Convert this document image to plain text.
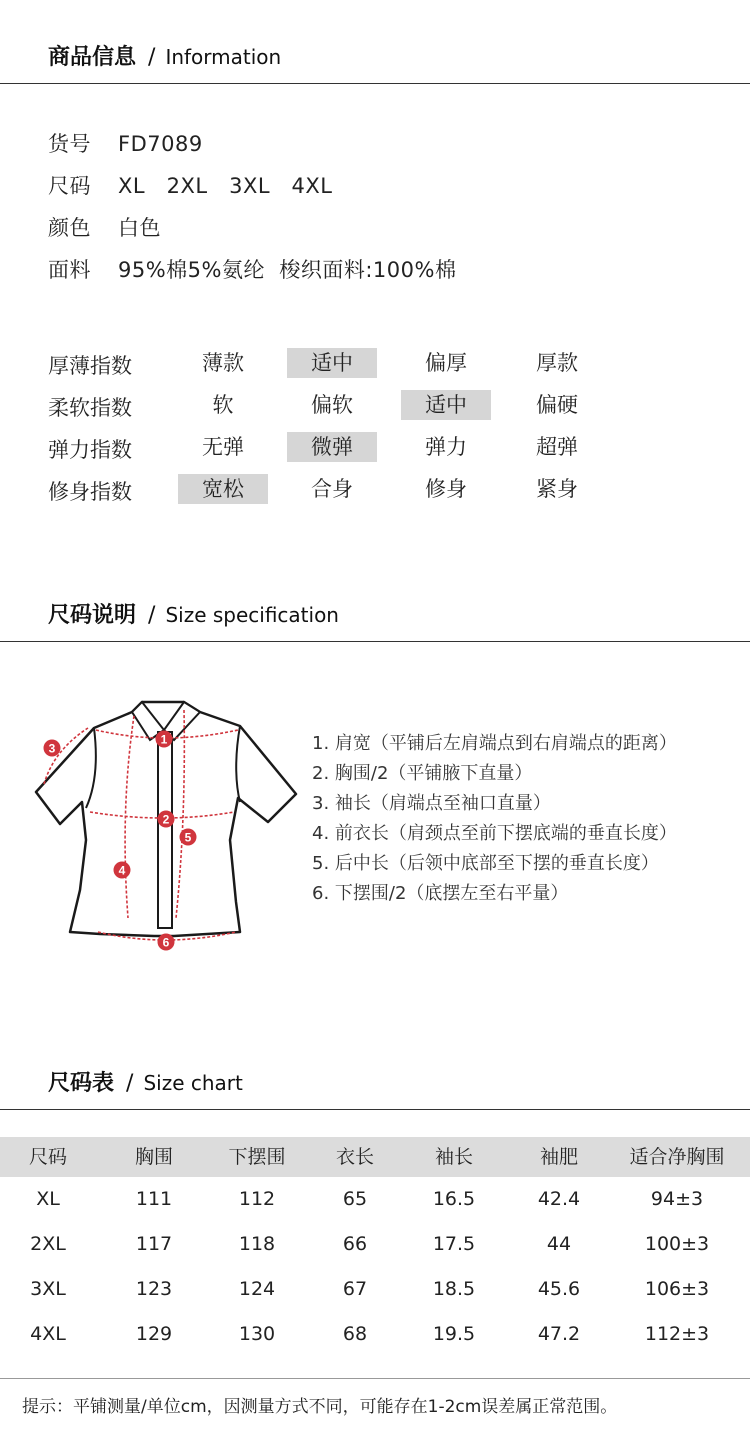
商品信息 / Information
货号 FD7089
尺码 XL   2XL   3XL   4XL
颜色 白色
面料 95%棉5%氨纶  梭织面料:100%棉
厚薄指数	薄款	适中	偏厚	厚款
柔软指数	软	偏软	适中	偏硬
弹力指数	无弹	微弹	弹力	超弹
修身指数	宽松	合身	修身	紧身
尺码说明 / Size specification
1
2
3
4
5
6
1. 肩宽（平铺后左肩端点到右肩端点的距离）
2. 胸围/2（平铺腋下直量）
3. 袖长（肩端点至袖口直量）
4. 前衣长（肩颈点至前下摆底端的垂直长度）
5. 后中长（后领中底部至下摆的垂直长度）
6. 下摆围/2（底摆左至右平量）
尺码表 / Size chart
尺码	胸围	下摆围	衣长	袖长	袖肥	适合净胸围
XL	111	112	65	16.5	42.4	94±3
2XL	117	118	66	17.5	44	100±3
3XL	123	124	67	18.5	45.6	106±3
4XL	129	130	68	19.5	47.2	112±3
提示：平铺测量/单位cm，因测量方式不同，可能存在1-2cm误差属正常范围。
